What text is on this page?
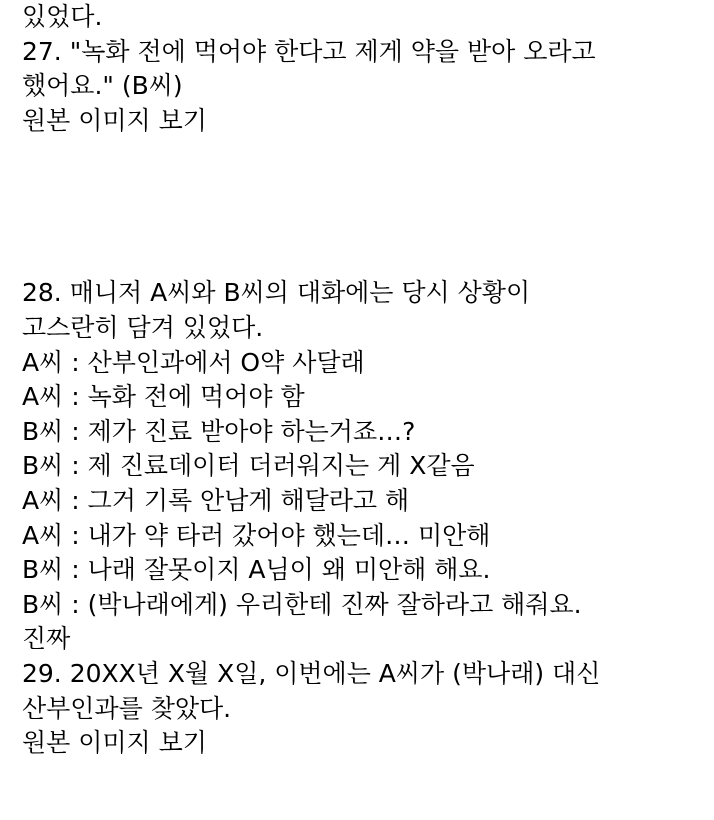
있었다.
27. "녹화 전에 먹어야 한다고 제게 약을 받아 오라고
했어요." (B씨)
원본 이미지 보기
28. 매니저 A씨와 B씨의 대화에는 당시 상황이
고스란히 담겨 있었다.
A씨 : 산부인과에서 O약 사달래
A씨 : 녹화 전에 먹어야 함
B씨 : 제가 진료 받아야 하는거죠…?
B씨 : 제 진료데이터 더러워지는 게 X같음
A씨 : 그거 기록 안남게 해달라고 해
A씨 : 내가 약 타러 갔어야 했는데… 미안해
B씨 : 나래 잘못이지 A님이 왜 미안해 해요.
B씨 : (박나래에게) 우리한테 진짜 잘하라고 해줘요.
진짜
29. 20XX년 X월 X일, 이번에는 A씨가 (박나래) 대신
산부인과를 찾았다.
원본 이미지 보기
